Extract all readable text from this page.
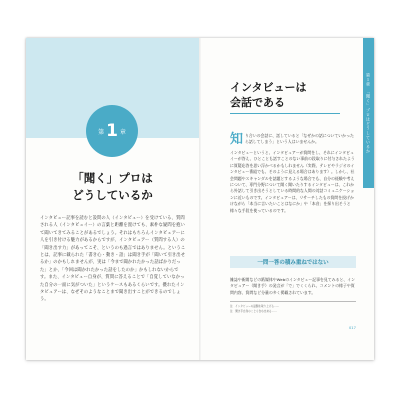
第 1 章
「聞く」プロは
どうしているか

インタビュー記事を読むと設問の人（インタビュー）を受けている、質問される人（インタビュイー）の言葉と距離を置けても、素朴な疑問を抱いて聞いてきてみることがあるでしょう。それはもちろんインタビュアーに人を引き付ける魅力があるからですが、インタビュアー（質問する人）の「聞き出す力」があってこそ、というのも過言ではありません。ということは、記事に載られた「書き心・動き・語」は聞き手が「聞いて引き出せるか」のかもしれませんが、実は「今まで聞かれたかった話ばかりだった」とか、「今回は聞かれたかった話をしたのか」かもしれないからです。また、インタビュー自身が、質問に答えることで「自覚していなかった自分の一面に気がついた」というケースもあるくらいです。優れたインタビュアーは、なぜそのようなことまで聞き出すことができるのでしょう。

インタビューは
会話である
知 り合いの会話に、話していると「なぜかの話についていかったら話してしまう」という人はいませんか。

インタビューというと、インタビュアーが質問をし、それにインタビュイーが答え、ひとことも話すことのない事前の段取りに付与されたように質疑応答を思い浮かべるかもしれません（実際、テレビやラジオのインタビュー番組でも、そのように見える場合はあります）。しかし、社会問題やスキャンダルを話題とするような場合でも、自分の経験や考えについて、専門分野について聞く聞いたりするインタビューは、これから外話して引き出そうとしている時間的な人間の対話コミュニケーションに近いものです。インタビュアーは、リサーチしたもの質問を投げかけながら「本当に言いたいことはなにか」や「本音」を探り出そうと様々な手段を使っているのです。

一問一答の積み重ねではない

雑誌や新聞などの紙媒体やWebのインタビュー記事を見てみると、インタビュアー（聞き手）の発言が「で」でくくられ、コメントの様子や質問内容、質問など分量の多く掲載されています。

注　インタビューの話題を取り上げる……
注　聞き手自身のことも含め出来る……

017
第１章　「聞く」プロはどうしているか
